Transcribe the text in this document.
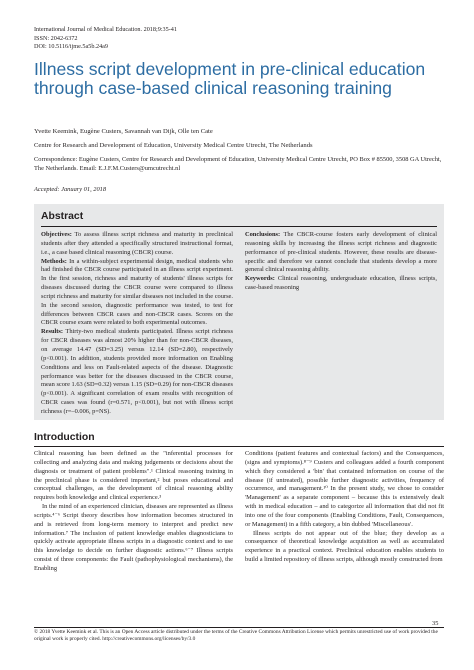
International Journal of Medical Education. 2018;9:35-41
ISSN: 2042-6372
DOI: 10.5116/ijme.5a5b.24a9
Illness script development in pre-clinical education through case-based clinical reasoning training
Yvette Keemink, Eugène Custers, Savannah van Dijk, Olle ten Cate
Centre for Research and Development of Education, University Medical Centre Utrecht, The Netherlands
Correspondence: Eugène Custers, Centre for Research and Development of Education, University Medical Centre Utrecht, PO Box # 85500, 3508 GA Utrecht, The Netherlands. Email: E.J.F.M.Custers@umcutrecht.nl
Accepted: January 01, 2018
Abstract

Objectives: To assess illness script richness and maturity in preclinical students after they attended a specifically structured instructional format, i.e., a case based clinical reasoning (CBCR) course.

Methods: In a within-subject experimental design, medical students who had finished the CBCR course participated in an illness script experiment. In the first session, richness and maturity of students' illness scripts for diseases discussed during the CBCR course were compared to illness script richness and maturity for similar diseases not included in the course. In the second session, diagnostic performance was tested, to test for differences between CBCR cases and non-CBCR cases. Scores on the CBCR course exam were related to both experimental outcomes.

Results: Thirty-two medical students participated. Illness script richness for CBCR diseases was almost 20% higher than for non-CBCR diseases, on average 14.47 (SD=3.25) versus 12.14 (SD=2.80), respectively (p<0.001). In addition, students provided more information on Enabling Conditions and less on Fault-related aspects of the disease. Diagnostic performance was better for the diseases discussed in the CBCR course, mean score 1.63 (SD=0.32) versus 1.15 (SD=0.29) for non-CBCR diseases (p<0.001). A significant correlation of exam results with recognition of CBCR cases was found (r=0.571, p<0.001), but not with illness script richness (r=–0.006, p=NS).

Conclusions: The CBCR-course fosters early development of clinical reasoning skills by increasing the illness script richness and diagnostic performance of pre-clinical students. However, these results are disease-specific and therefore we cannot conclude that students develop a more general clinical reasoning ability.

Keywords: Clinical reasoning, undergraduate education, illness scripts, case-based reasoning

Introduction

Clinical reasoning has been defined as the "inferential processes for collecting and analyzing data and making judgements or decisions about the diagnosis or treatment of patient problems".¹ Clinical reasoning training in the preclinical phase is considered important,² but poses educational and conceptual challenges, as the development of clinical reasoning ability requires both knowledge and clinical experience.³

In the mind of an experienced clinician, diseases are represented as illness scripts.⁴⁻⁶ Script theory describes how information becomes structured in and is retrieved from long-term memory to interpret and predict new information.⁷ The inclusion of patient knowledge enables diagnosticians to quickly activate appropriate illness scripts in a diagnostic context and to use this knowledge to decide on further diagnostic actions.⁶⁻⁷ Illness scripts consist of three components: the Fault (pathophysiological mechanisms), the Enabling

Conditions (patient features and contextual factors) and the Consequences, (signs and symptoms).⁸⁻⁹ Custers and colleagues added a fourth component which they considered a 'bin' that contained information on course of the disease (if untreated), possible further diagnostic activities, frequency of occurrence, and management.¹⁰ In the present study, we chose to consider 'Management' as a separate component – because this is extensively dealt with in medical education – and to categorize all information that did not fit into one of the four components (Enabling Conditions, Fault, Consequences, or Management) in a fifth category, a bin dubbed 'Miscellaneous'.

Illness scripts do not appear out of the blue; they develop as a consequence of theoretical knowledge acquisition as well as accumulated experience in a practical context. Preclinical education enables students to build a limited repository of illness scripts, although mostly constructed from

35
© 2018 Yvette Keemink et al. This is an Open Access article distributed under the terms of the Creative Commons Attribution License which permits unrestricted use of work provided the original work is properly cited. http://creativecommons.org/licenses/by/3.0
